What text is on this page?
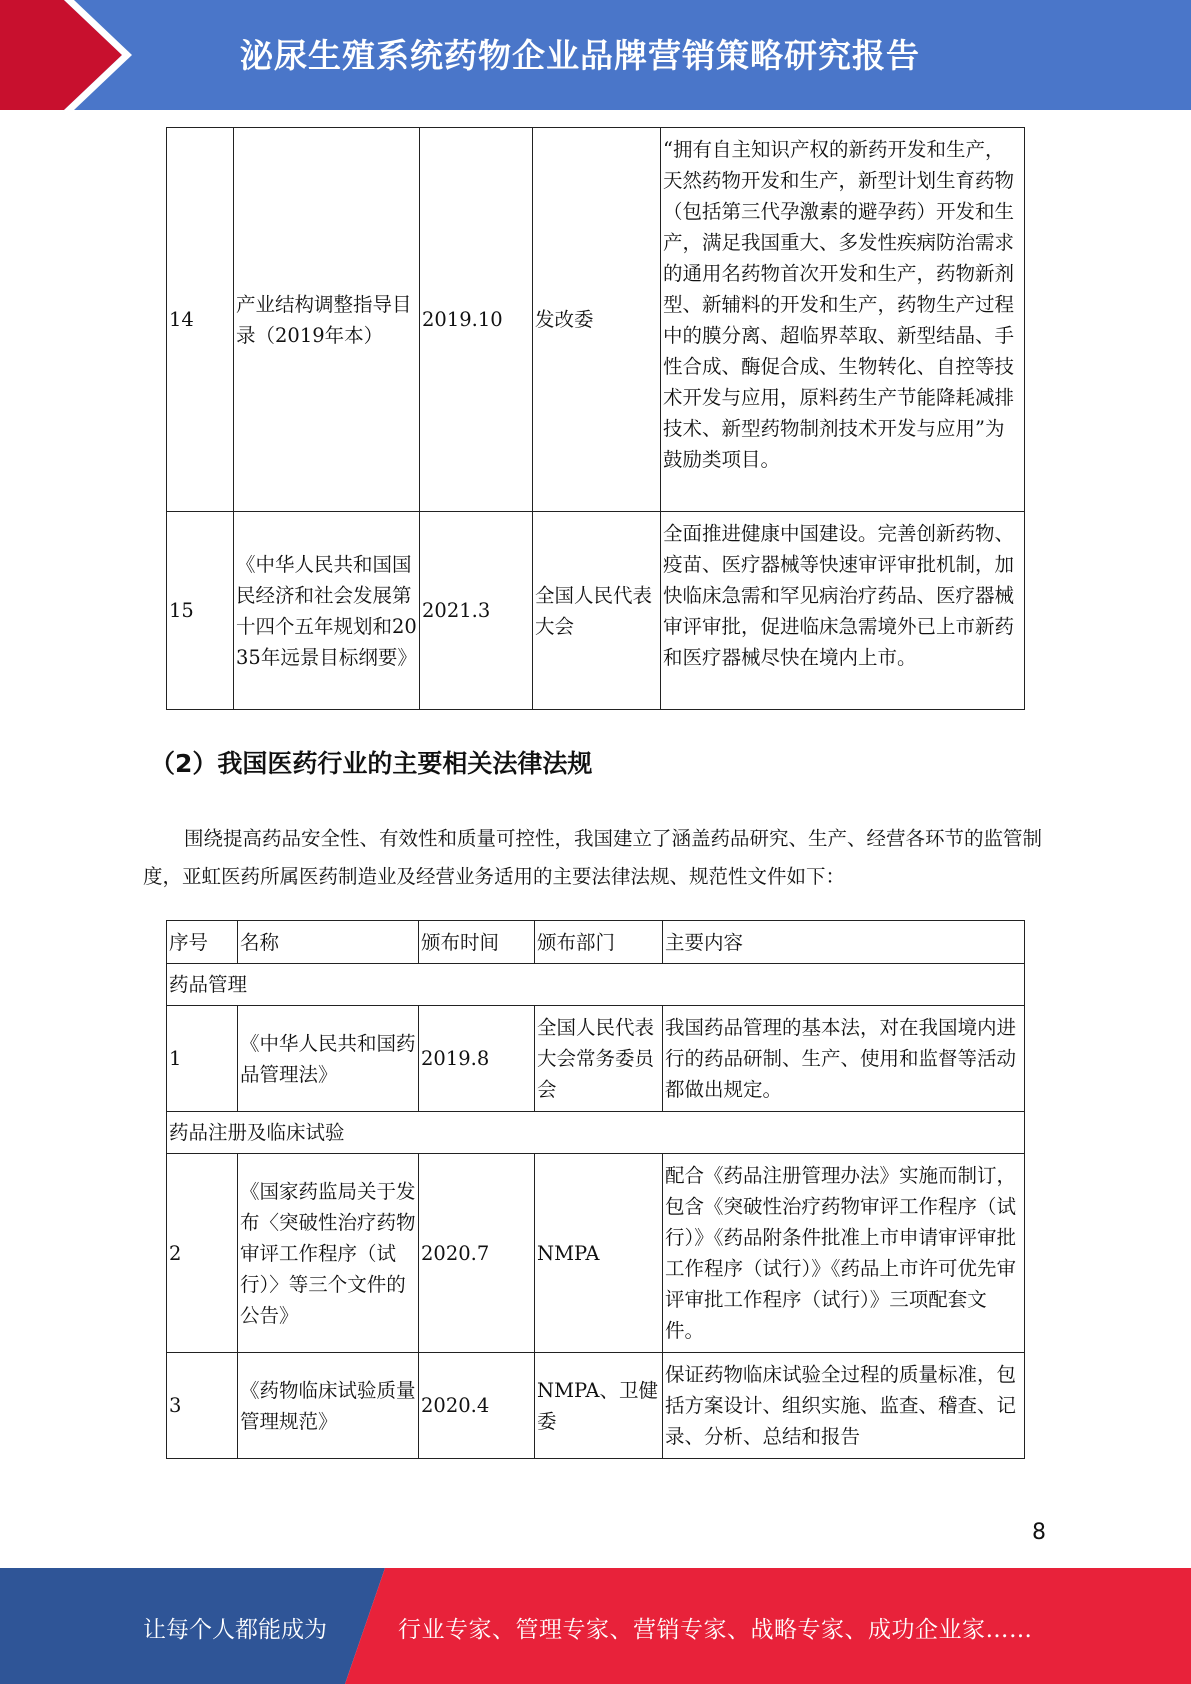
泌尿生殖系统药物企业品牌营销策略研究报告
14	产业结构调整指导目录（2019年本）	2019.10	发改委	“拥有自主知识产权的新药开发和生产，天然药物开发和生产，新型计划生育药物（包括第三代孕激素的避孕药）开发和生产，满足我国重大、多发性疾病防治需求的通用名药物首次开发和生产，药物新剂型、新辅料的开发和生产，药物生产过程中的膜分离、超临界萃取、新型结晶、手性合成、酶促合成、生物转化、自控等技术开发与应用，原料药生产节能降耗减排技术、新型药物制剂技术开发与应用”为鼓励类项目。
15	《中华人民共和国国民经济和社会发展第十四个五年规划和2035年远景目标纲要》	2021.3	全国人民代表大会	全面推进健康中国建设。完善创新药物、疫苗、医疗器械等快速审评审批机制，加快临床急需和罕见病治疗药品、医疗器械审评审批，促进临床急需境外已上市新药和医疗器械尽快在境内上市。
（2）我国医药行业的主要相关法律法规

围绕提高药品安全性、有效性和质量可控性，我国建立了涵盖药品研究、生产、经营各环节的监管制度，亚虹医药所属医药制造业及经营业务适用的主要法律法规、规范性文件如下：

序号	名称	颁布时间	颁布部门	主要内容
药品管理				
1	《中华人民共和国药品管理法》	2019.8	全国人民代表大会常务委员会	我国药品管理的基本法，对在我国境内进行的药品研制、生产、使用和监督等活动都做出规定。
药品注册及临床试验				
2	《国家药监局关于发布〈突破性治疗药物审评工作程序（试行）〉等三个文件的公告》	2020.7	NMPA	配合《药品注册管理办法》实施而制订，包含《突破性治疗药物审评工作程序（试行）》《药品附条件批准上市申请审评审批工作程序（试行）》《药品上市许可优先审评审批工作程序（试行）》三项配套文件。
3	《药物临床试验质量管理规范》	2020.4	NMPA、卫健委	保证药物临床试验全过程的质量标准，包括方案设计、组织实施、监查、稽查、记录、分析、总结和报告
8
让每个人都能成为	行业专家、管理专家、营销专家、战略专家、成功企业家……
